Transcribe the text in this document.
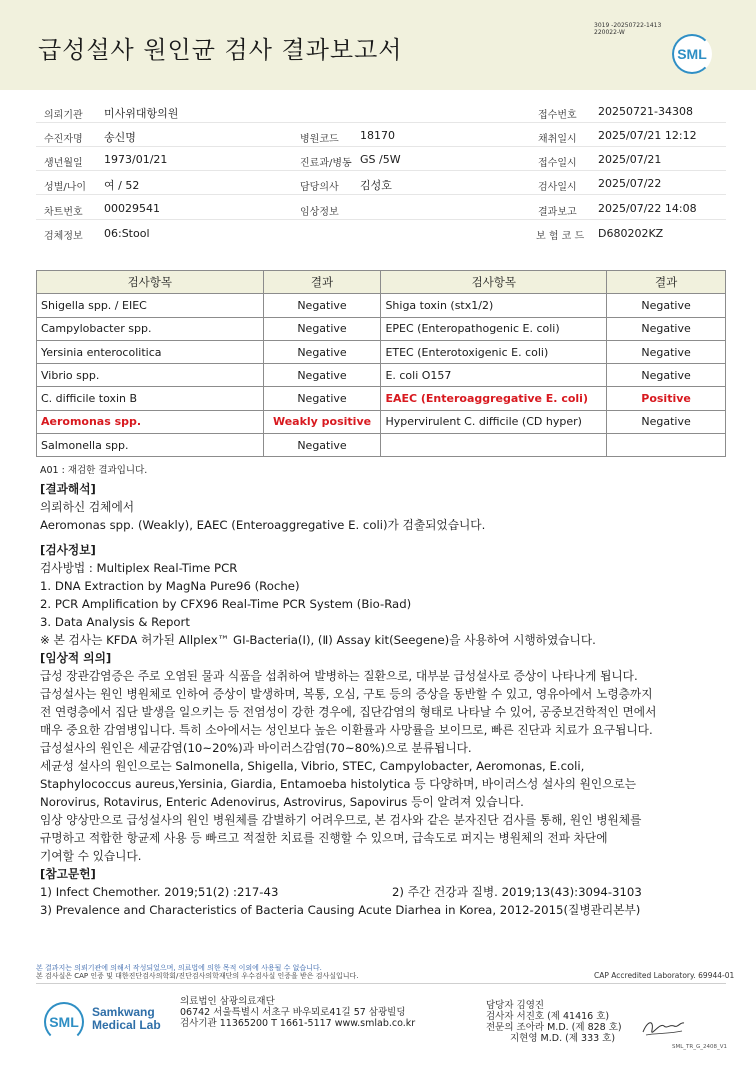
급성설사 원인균 검사 결과보고서
3019 -20250722-1413
220022-W
SML
의뢰기관 미사위대항의원	접수번호 20250721-34308
수진자명 송신명	병원코드 18170	채취일시 2025/07/21 12:12
생년월일 1973/01/21	진료과/병동 GS /5W	접수일시 2025/07/21
성별/나이 여 / 52	담당의사 김성호	검사일시 2025/07/22
차트번호 00029541	임상정보	결과보고 2025/07/22 14:08
검체정보 06:Stool	보 험 코 드 D680202KZ
검사항목	결과	검사항목	결과
Shigella spp. / EIEC	Negative	Shiga toxin (stx1/2)	Negative
Campylobacter spp.	Negative	EPEC (Enteropathogenic E. coli)	Negative
Yersinia enterocolitica	Negative	ETEC (Enterotoxigenic E. coli)	Negative
Vibrio spp.	Negative	E. coli O157	Negative
C. difficile toxin B	Negative	EAEC (Enteroaggregative E. coli)	Positive
Aeromonas spp.	Weakly positive	Hypervirulent C. difficile (CD hyper)	Negative
Salmonella spp.	Negative		
A01 : 재검한 결과입니다.
[결과해석]
의뢰하신 검체에서
Aeromonas spp. (Weakly), EAEC (Enteroaggregative E. coli)가 검출되었습니다.
[검사정보]
검사방법 : Multiplex Real-Time PCR
1. DNA Extraction by MagNa Pure96 (Roche)
2. PCR Amplification by CFX96 Real-Time PCR System (Bio-Rad)
3. Data Analysis & Report
※ 본 검사는 KFDA 허가된 Allplex™ GI-Bacteria(Ⅰ), (Ⅱ) Assay kit(Seegene)을 사용하여 시행하였습니다.
[임상적 의의]
급성 장관감염증은 주로 오염된 물과 식품을 섭취하여 발병하는 질환으로, 대부분 급성설사로 증상이 나타나게 됩니다.
급성설사는 원인 병원체로 인하여 증상이 발생하며, 복통, 오심, 구토 등의 증상을 동반할 수 있고, 영유아에서 노령층까지
전 연령층에서 집단 발생을 일으키는 등 전염성이 강한 경우에, 집단감염의 형태로 나타날 수 있어, 공중보건학적인 면에서
매우 중요한 감염병입니다. 특히 소아에서는 성인보다 높은 이환률과 사망률을 보이므로, 빠른 진단과 치료가 요구됩니다.
급성설사의 원인은 세균감염(10~20%)과 바이러스감염(70~80%)으로 분류됩니다.
세균성 설사의 원인으로는 Salmonella, Shigella, Vibrio, STEC, Campylobacter, Aeromonas, E.coli,
Staphylococcus aureus,Yersinia, Giardia, Entamoeba histolytica 등 다양하며, 바이러스성 설사의 원인으로는
Norovirus, Rotavirus, Enteric Adenovirus, Astrovirus, Sapovirus 등이 알려져 있습니다.
임상 양상만으로 급성설사의 원인 병원체를 감별하기 어려우므로, 본 검사와 같은 분자진단 검사를 통해, 원인 병원체를
규명하고 적합한 항균제 사용 등 빠르고 적절한 치료를 진행할 수 있으며, 급속도로 퍼지는 병원체의 전파 차단에
기여할 수 있습니다.
[참고문헌]
1) Infect Chemother. 2019;51(2) :217-43	2) 주간 건강과 질병. 2019;13(43):3094-3103
3) Prevalence and Characteristics of Bacteria Causing Acute Diarhea in Korea, 2012-2015(질병관리본부)
본 결과지는 의뢰기관에 의해서 작성되었으며, 의료법에 의한 목적 이외에 사용될 수 없습니다.
본 검사실은 CAP 인증 및 대한진단검사의학회/진단검사의학재단의 우수검사실 인증을 받은 검사실입니다.	CAP Accredited Laboratory. 69944-01
SML
Samkwang
Medical Lab
의료법인 삼광의료재단
06742 서울특별시 서초구 바우뫼로41길 57 삼광빌딩
검사기관 11365200 T 1661-5117 www.smlab.co.kr
담당자 김영진
검사자 서진호 (제 41416 호)
전문의 조아라 M.D. (제 828 호)
지현영 M.D. (제 333 호)
SML_TR_G_2408_V1
